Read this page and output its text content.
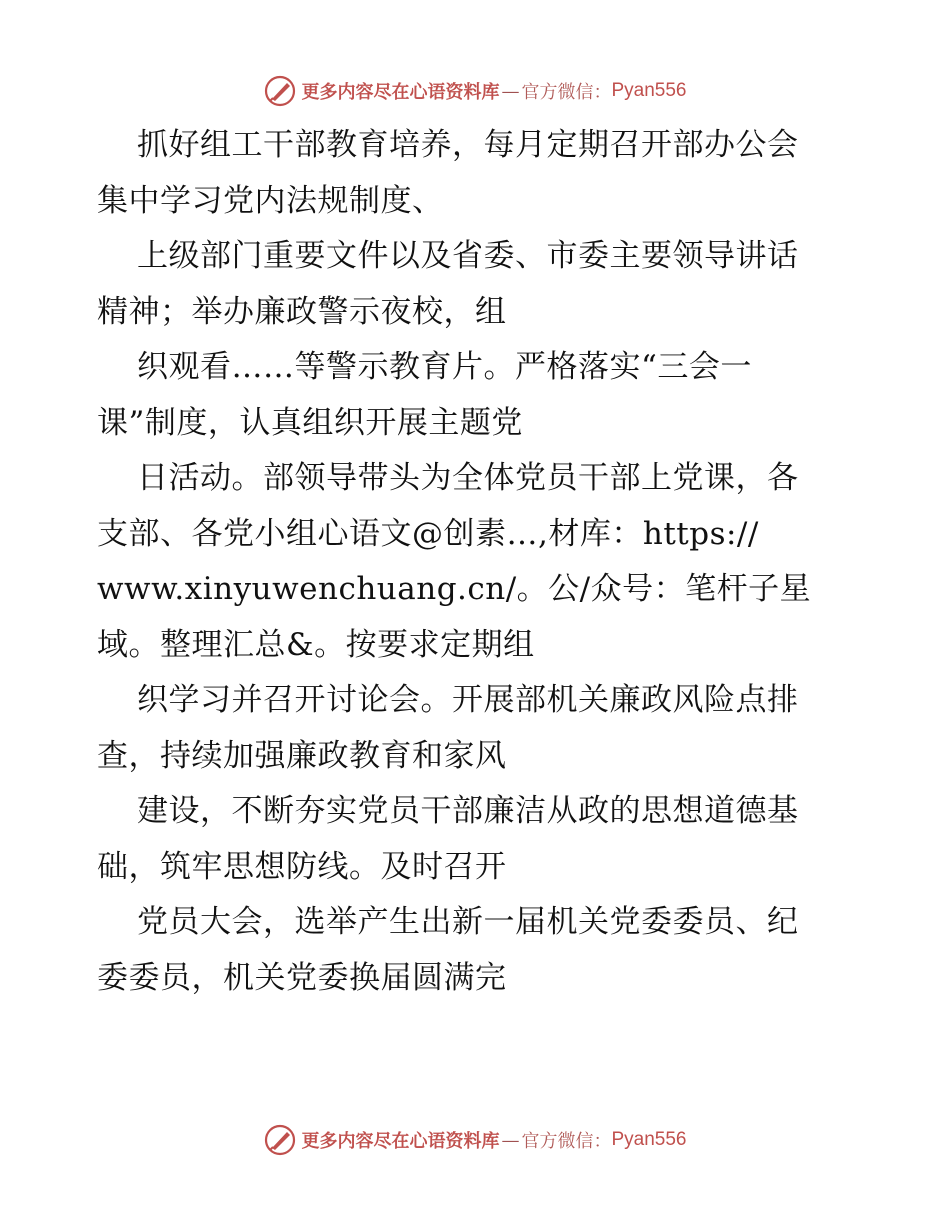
更多内容尽在心语资料库 — 官方微信： Pyan556

抓好组工干部教育培养，每月定期召开部办公会
集中学习党内法规制度、

上级部门重要文件以及省委、市委主要领导讲话
精神；举办廉政警示夜校，组

织观看……等警示教育片。严格落实“三会一
课”制度，认真组织开展主题党

日活动。部领导带头为全体党员干部上党课，各
支部、各党小组心语文@创素…,材库：https://
www.xinyuwenchuang.cn/。公/众号：笔杆子星
域。整理汇总&。按要求定期组

织学习并召开讨论会。开展部机关廉政风险点排
查，持续加强廉政教育和家风

建设，不断夯实党员干部廉洁从政的思想道德基
础，筑牢思想防线。及时召开

党员大会，选举产生出新一届机关党委委员、纪
委委员，机关党委换届圆满完

更多内容尽在心语资料库 — 官方微信： Pyan556
